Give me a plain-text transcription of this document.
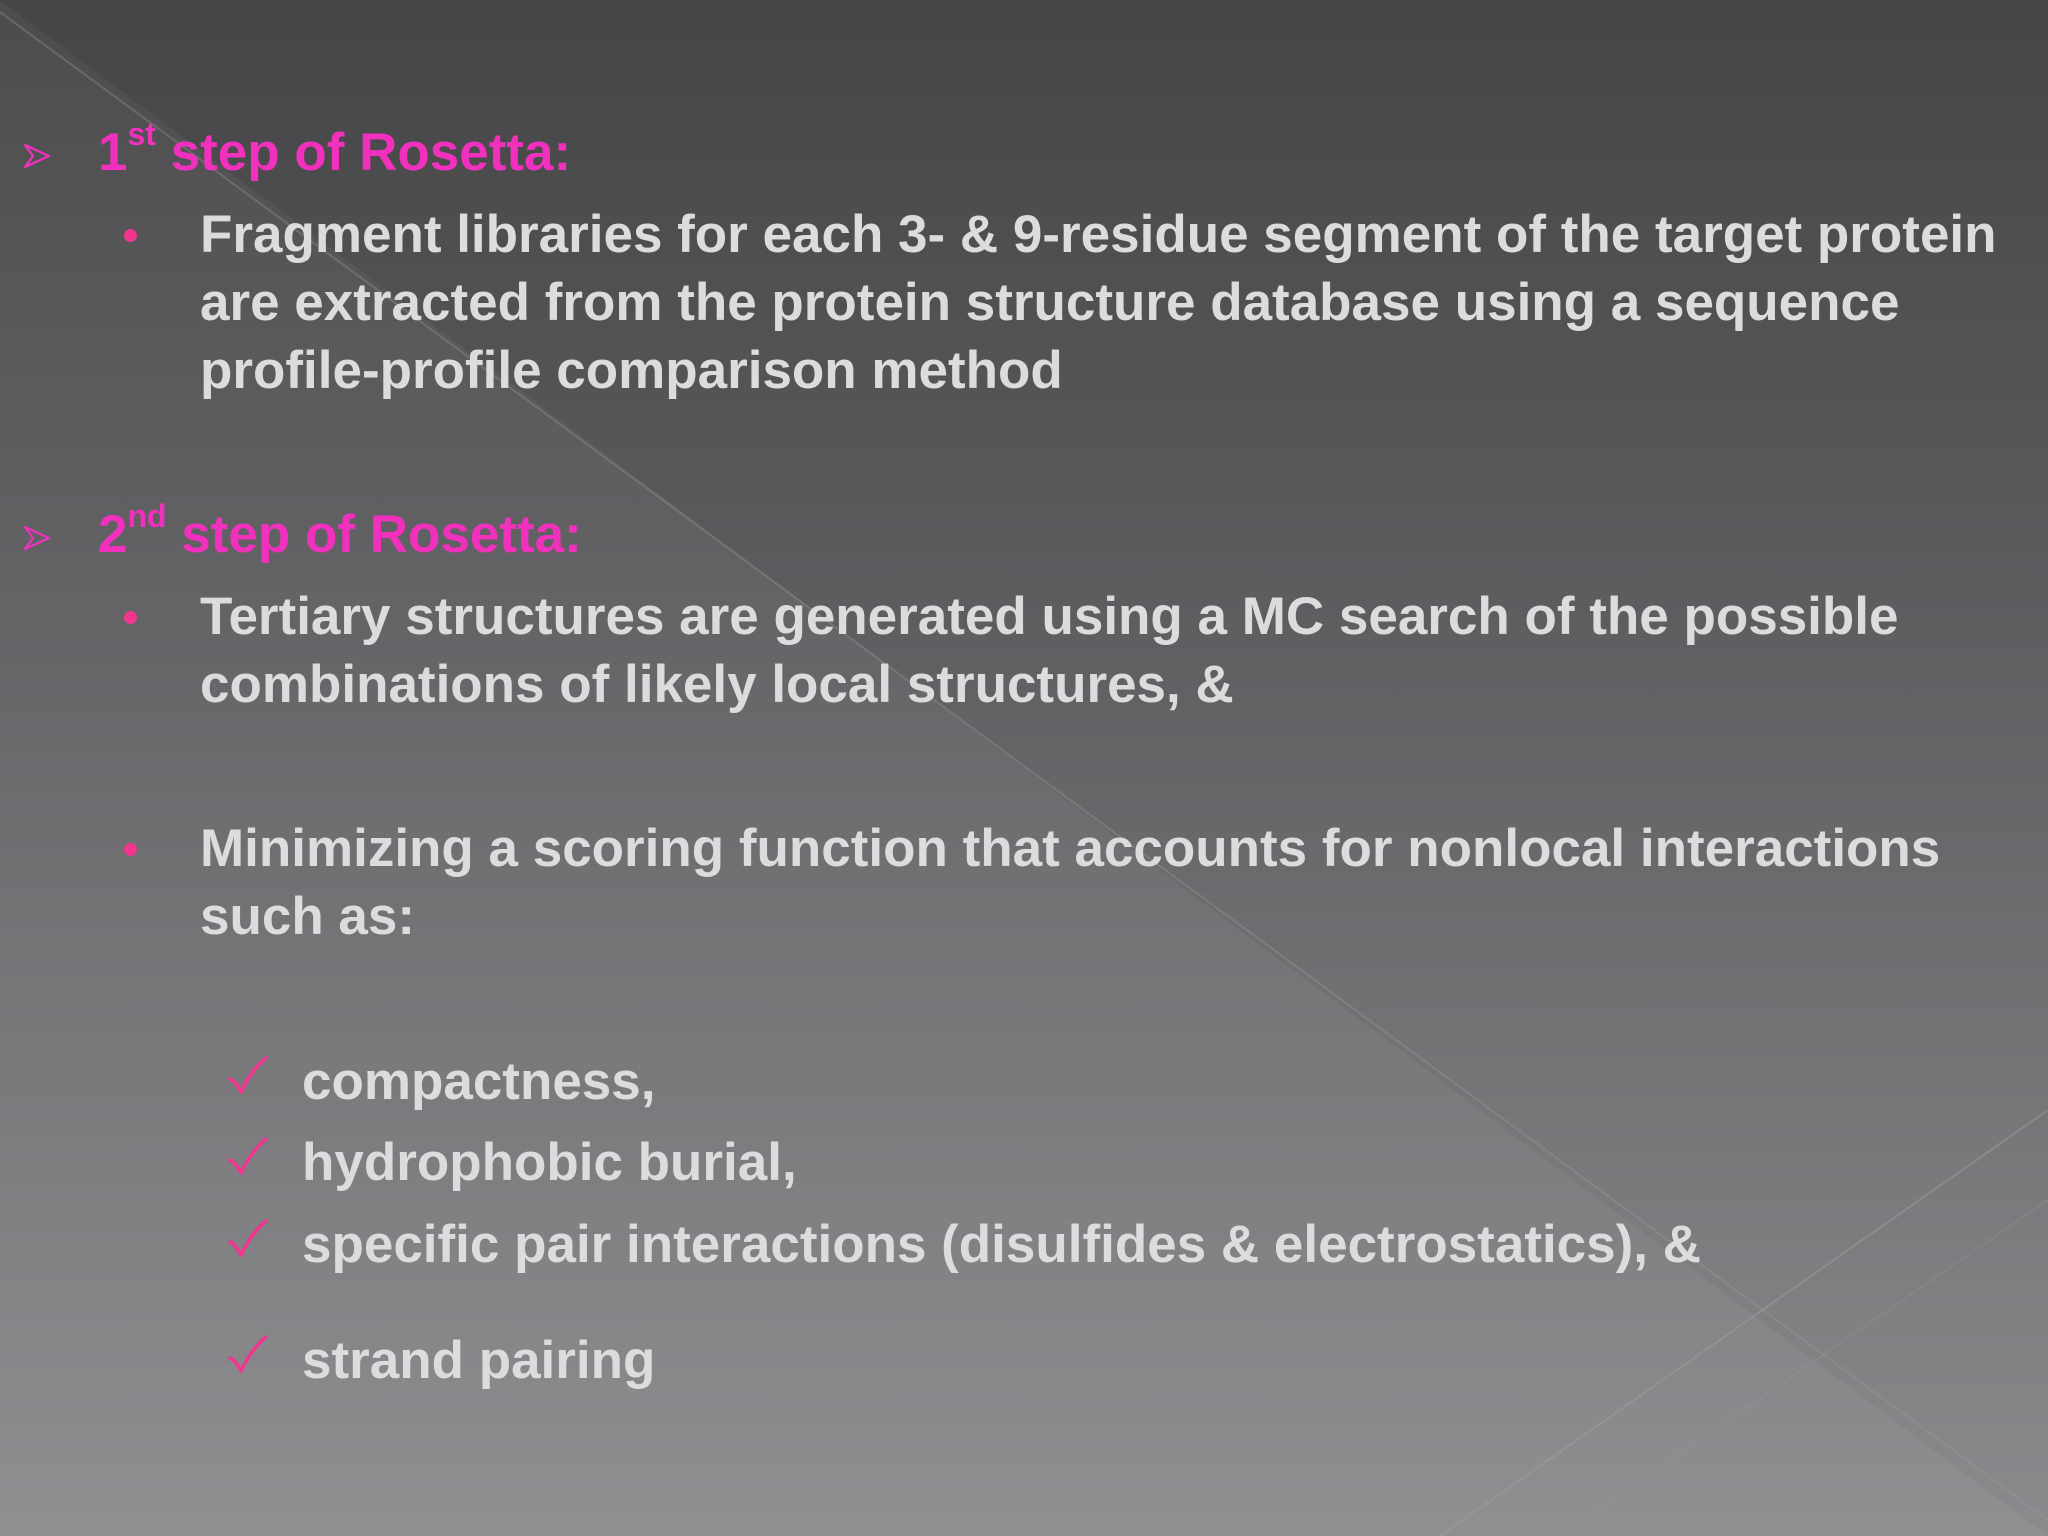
1st step of Rosetta:
Fragment libraries for each 3- & 9-residue segment of the target protein are extracted from the protein structure database using a sequence profile-profile comparison method
2nd step of Rosetta:
Tertiary structures are generated using a MC search of the possible combinations of likely local structures, &
Minimizing a scoring function that accounts for nonlocal interactions such as:
compactness,
hydrophobic burial,
specific pair interactions (disulfides & electrostatics), &
strand pairing
